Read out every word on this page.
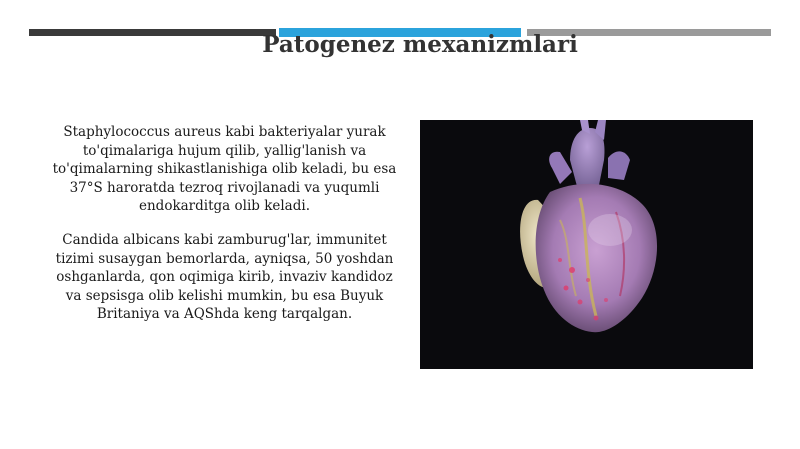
Patogenez mexanizmlari
Staphylococcus aureus kabi bakteriyalar yurak to'qimalariga hujum qilib, yallig'lanish va to'qimalarning shikastlanishiga olib keladi, bu esa 37°S haroratda tezroq rivojlanadi va yuqumli endokarditga olib keladi.
Candida albicans kabi zamburug'lar, immunitet tizimi susaygan bemorlarda, ayniqsa, 50 yoshdan oshganlarda, qon oqimiga kirib, invaziv kandidoz va sepsisga olib kelishi mumkin, bu esa Buyuk Britaniya va AQShda keng tarqalgan.
